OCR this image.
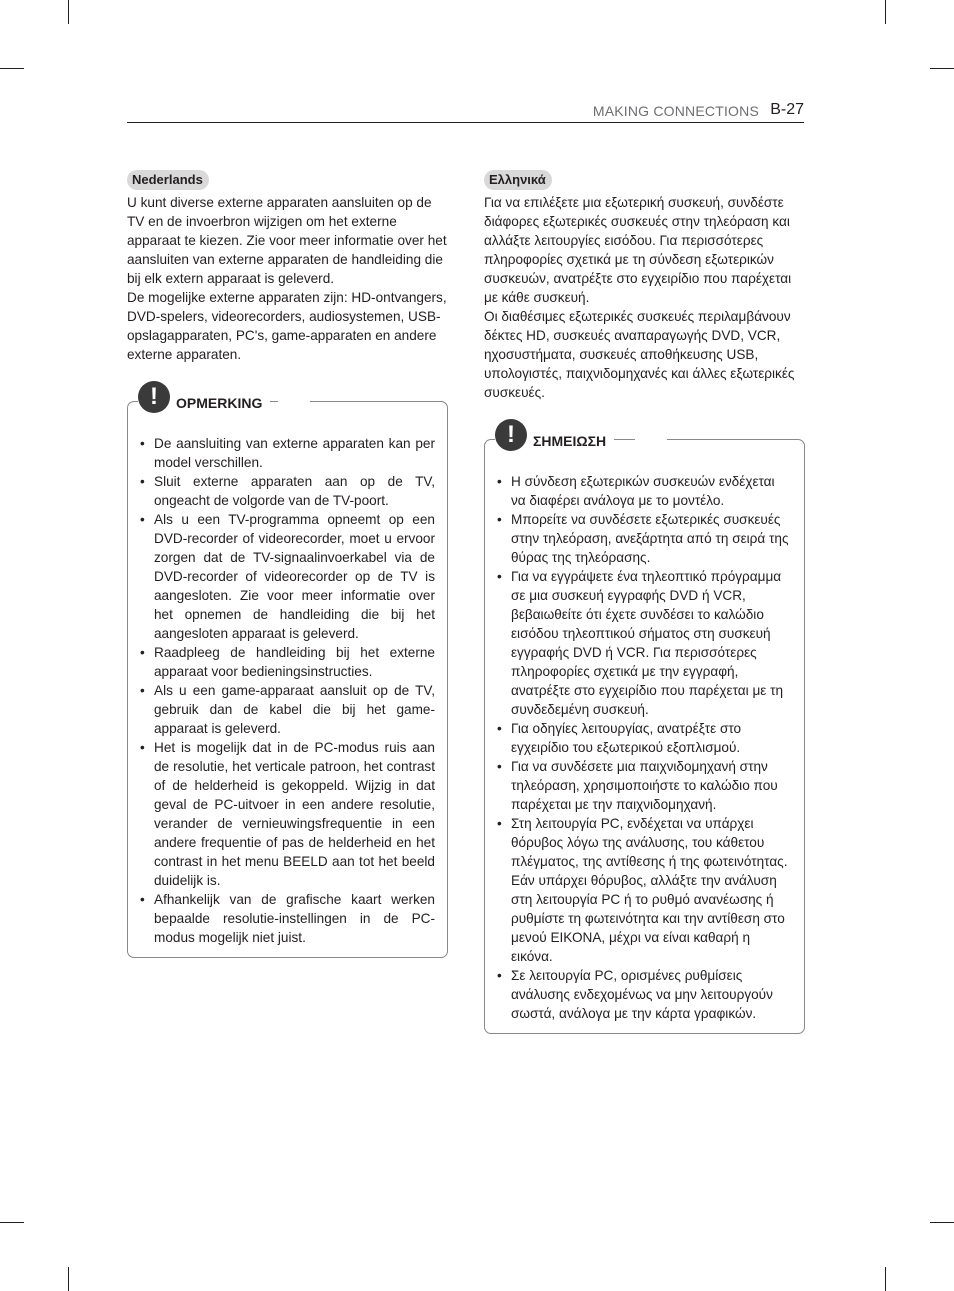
MAKING CONNECTIONS B-27
Nederlands

U kunt diverse externe apparaten aansluiten op de TV en de invoerbron wijzigen om het externe apparaat te kiezen. Zie voor meer informatie over het aansluiten van externe apparaten de handleiding die bij elk extern apparaat is geleverd.

De mogelijke externe apparaten zijn: HD-ontvangers, DVD-spelers, videorecorders, audiosystemen, USB-opslagapparaten, PC's, game-apparaten en andere externe apparaten.

!	OPMERKING
• De aansluiting van externe apparaten kan per model verschillen.
• Sluit externe apparaten aan op de TV, ongeacht de volgorde van de TV-poort.
• Als u een TV-programma opneemt op een DVD-recorder of videorecorder, moet u ervoor zorgen dat de TV-signaalinvoerkabel via de DVD-recorder of videorecorder op de TV is aangesloten. Zie voor meer informatie over het opnemen de handleiding die bij het aangesloten apparaat is geleverd.
• Raadpleeg de handleiding bij het externe apparaat voor bedieningsinstructies.
• Als u een game-apparaat aansluit op de TV, gebruik dan de kabel die bij het game-apparaat is geleverd.
• Het is mogelijk dat in de PC-modus ruis aan de resolutie, het verticale patroon, het contrast of de helderheid is gekoppeld. Wijzig in dat geval de PC-uitvoer in een andere resolutie, verander de vernieuwingsfrequentie in een andere frequentie of pas de helderheid en het contrast in het menu BEELD aan tot het beeld duidelijk is.
• Afhankelijk van de grafische kaart werken bepaalde resolutie-instellingen in de PC-modus mogelijk niet juist.
Ελληνικά

Για να επιλέξετε μια εξωτερική συσκευή, συνδέστε διάφορες εξωτερικές συσκευές στην τηλεόραση και αλλάξτε λειτουργίες εισόδου. Για περισσότερες πληροφορίες σχετικά με τη σύνδεση εξωτερικών συσκευών, ανατρέξτε στο εγχειρίδιο που παρέχεται με κάθε συσκευή.

Οι διαθέσιμες εξωτερικές συσκευές περιλαμβάνουν δέκτες HD, συσκευές αναπαραγωγής DVD, VCR, ηχοσυστήματα, συσκευές αποθήκευσης USB, υπολογιστές, παιχνιδομηχανές και άλλες εξωτερικές συσκευές.

!	ΣΗΜΕΙΩΣΗ
• Η σύνδεση εξωτερικών συσκευών ενδέχεται να διαφέρει ανάλογα με το μοντέλο.
• Μπορείτε να συνδέσετε εξωτερικές συσκευές στην τηλεόραση, ανεξάρτητα από τη σειρά της θύρας της τηλεόρασης.
• Για να εγγράψετε ένα τηλεοπτικό πρόγραμμα σε μια συσκευή εγγραφής DVD ή VCR, βεβαιωθείτε ότι έχετε συνδέσει το καλώδιο εισόδου τηλεοπτικού σήματος στη συσκευή εγγραφής DVD ή VCR. Για περισσότερες πληροφορίες σχετικά με την εγγραφή, ανατρέξτε στο εγχειρίδιο που παρέχεται με τη συνδεδεμένη συσκευή.
• Για οδηγίες λειτουργίας, ανατρέξτε στο εγχειρίδιο του εξωτερικού εξοπλισμού.
• Για να συνδέσετε μια παιχνιδομηχανή στην τηλεόραση, χρησιμοποιήστε το καλώδιο που παρέχεται με την παιχνιδομηχανή.
• Στη λειτουργία PC, ενδέχεται να υπάρχει θόρυβος λόγω της ανάλυσης, του κάθετου πλέγματος, της αντίθεσης ή της φωτεινότητας. Εάν υπάρχει θόρυβος, αλλάξτε την ανάλυση στη λειτουργία PC ή το ρυθμό ανανέωσης ή ρυθμίστε τη φωτεινότητα και την αντίθεση στο μενού ΕΙΚΟΝΑ, μέχρι να είναι καθαρή η εικόνα.
• Σε λειτουργία PC, ορισμένες ρυθμίσεις ανάλυσης ενδεχομένως να μην λειτουργούν σωστά, ανάλογα με την κάρτα γραφικών.
